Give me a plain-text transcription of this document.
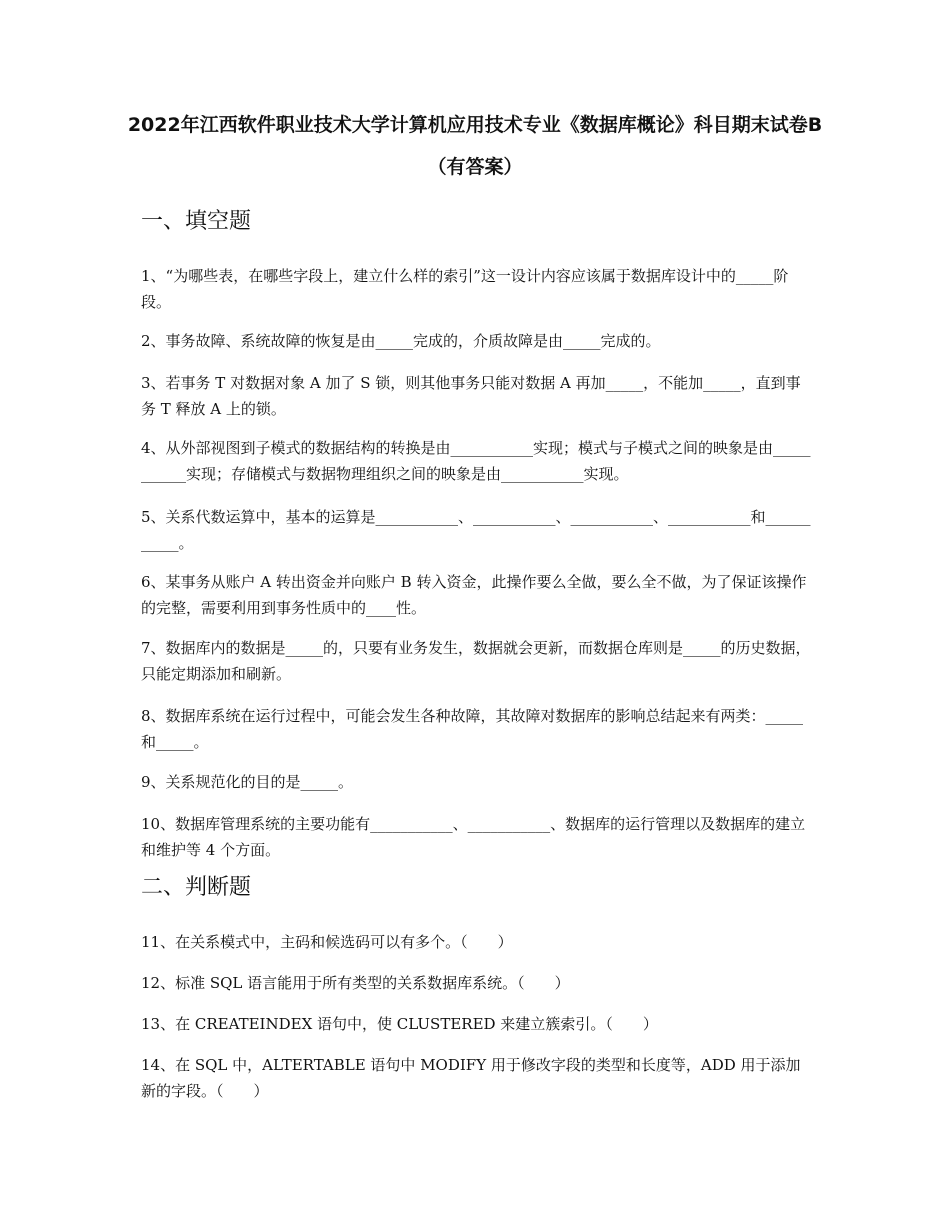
2022年江西软件职业技术大学计算机应用技术专业《数据库概论》科目期末试卷B（有答案）
一、填空题
1、“为哪些表，在哪些字段上，建立什么样的索引”这一设计内容应该属于数据库设计中的_____阶段。
2、事务故障、系统故障的恢复是由_____完成的，介质故障是由_____完成的。
3、若事务 T 对数据对象 A 加了 S 锁，则其他事务只能对数据 A 再加_____，不能加_____，直到事务 T 释放 A 上的锁。
4、从外部视图到子模式的数据结构的转换是由___________实现；模式与子模式之间的映象是由___________实现；存储模式与数据物理组织之间的映象是由___________实现。
5、关系代数运算中，基本的运算是___________、___________、___________、___________和___________。
6、某事务从账户 A 转出资金并向账户 B 转入资金，此操作要么全做，要么全不做，为了保证该操作的完整，需要利用到事务性质中的____性。
7、数据库内的数据是_____的，只要有业务发生，数据就会更新，而数据仓库则是_____的历史数据，只能定期添加和刷新。
8、数据库系统在运行过程中，可能会发生各种故障，其故障对数据库的影响总结起来有两类：_____和_____。
9、关系规范化的目的是_____。
10、数据库管理系统的主要功能有___________、___________、数据库的运行管理以及数据库的建立和维护等 4 个方面。
二、判断题
11、在关系模式中，主码和候选码可以有多个。（　　）
12、标准 SQL 语言能用于所有类型的关系数据库系统。（　　）
13、在 CREATEINDEX 语句中，使 CLUSTERED 来建立簇索引。（　　）
14、在 SQL 中，ALTERTABLE 语句中 MODIFY 用于修改字段的类型和长度等，ADD 用于添加新的字段。（　　）
